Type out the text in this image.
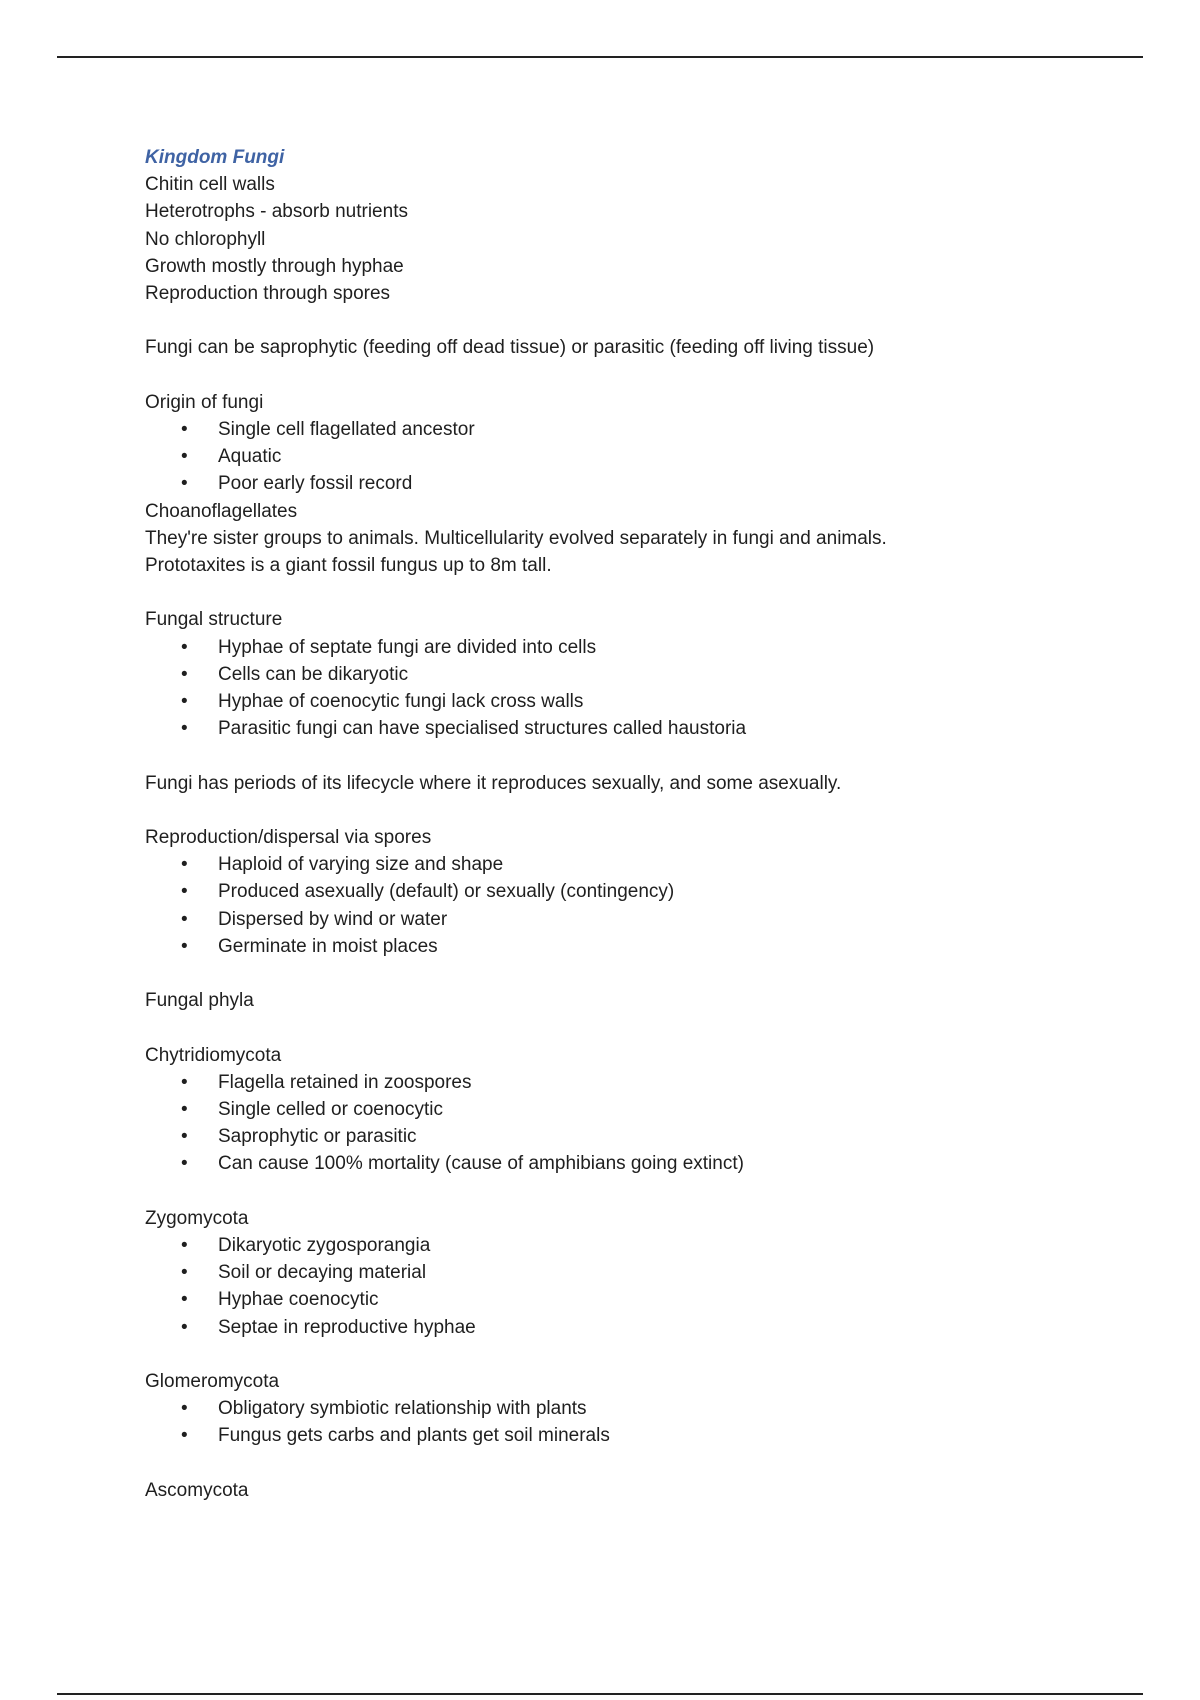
Kingdom Fungi

Chitin cell walls

Heterotrophs - absorb nutrients

No chlorophyll

Growth mostly through hyphae

Reproduction through spores

Fungi can be saprophytic (feeding off dead tissue) or parasitic (feeding off living tissue)

Origin of fungi

• Single cell flagellated ancestor
• Aquatic
• Poor early fossil record

Choanoflagellates

They're sister groups to animals. Multicellularity evolved separately in fungi and animals.

Prototaxites is a giant fossil fungus up to 8m tall.

Fungal structure

• Hyphae of septate fungi are divided into cells
• Cells can be dikaryotic
• Hyphae of coenocytic fungi lack cross walls
• Parasitic fungi can have specialised structures called haustoria

Fungi has periods of its lifecycle where it reproduces sexually, and some asexually.

Reproduction/dispersal via spores

• Haploid of varying size and shape
• Produced asexually (default) or sexually (contingency)
• Dispersed by wind or water
• Germinate in moist places

Fungal phyla

Chytridiomycota

• Flagella retained in zoospores
• Single celled or coenocytic
• Saprophytic or parasitic
• Can cause 100% mortality (cause of amphibians going extinct)

Zygomycota

• Dikaryotic zygosporangia
• Soil or decaying material
• Hyphae coenocytic
• Septae in reproductive hyphae

Glomeromycota

• Obligatory symbiotic relationship with plants
• Fungus gets carbs and plants get soil minerals

Ascomycota
